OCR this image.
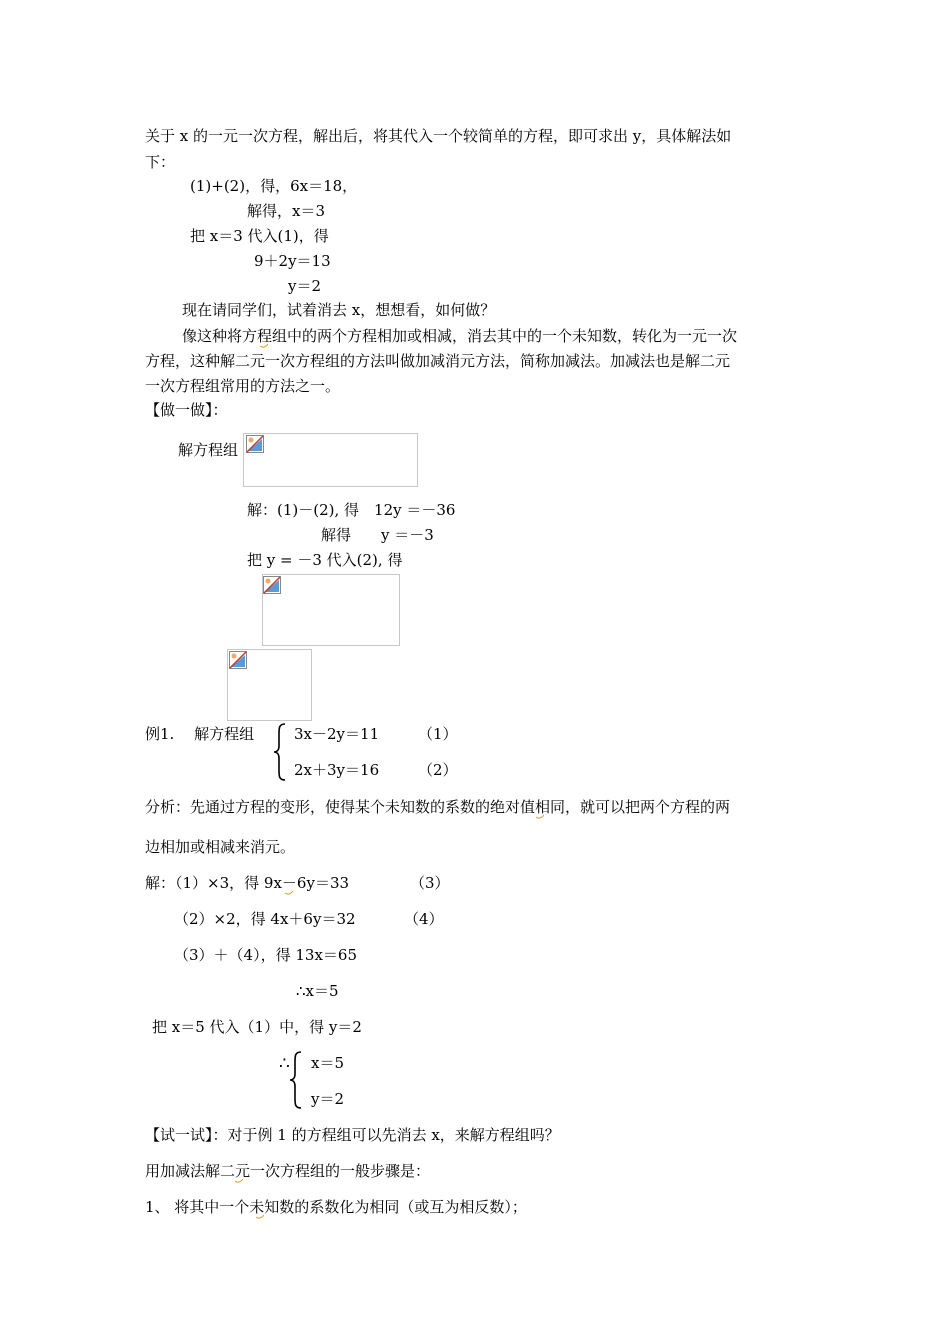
关于 x 的一元一次方程，解出后，将其代入一个较简单的方程，即可求出 y，具体解法如
下：
(1)+(2)，得，6x＝18，
解得，x＝3
把 x＝3 代入(1)，得
9＋2y＝13
y＝2
现在请同学们，试着消去 x，想想看，如何做？
像这种将方程组中的两个方程相加或相减，消去其中的一个未知数，转化为一元一次
方程，这种解二元一次方程组的方法叫做加减消元方法，简称加减法。加减法也是解二元
一次方程组常用的方法之一。
【做一做】：
解方程组
解：(1)－(2), 得　12y ＝－36
解得　　y ＝－3
把 y = －3 代入(2), 得
例1.　 解方程组	3x－2y＝11	（1）
2x＋3y＝16	（2）
分析：先通过方程的变形，使得某个未知数的系数的绝对值相同，就可以把两个方程的两
边相加或相减来消元。
解：（1）×3，得 9x－6y＝33	（3）
（2）×2，得 4x＋6y＝32	（4）
（3）＋（4），得 13x＝65
∴x＝5
把 x＝5 代入（1）中，得 y＝2
∴ x＝5
y＝2
【试一试】：对于例 1 的方程组可以先消去 x，来解方程组吗？
用加减法解二元一次方程组的一般步骤是：
1、 将其中一个未知数的系数化为相同（或互为相反数）；
